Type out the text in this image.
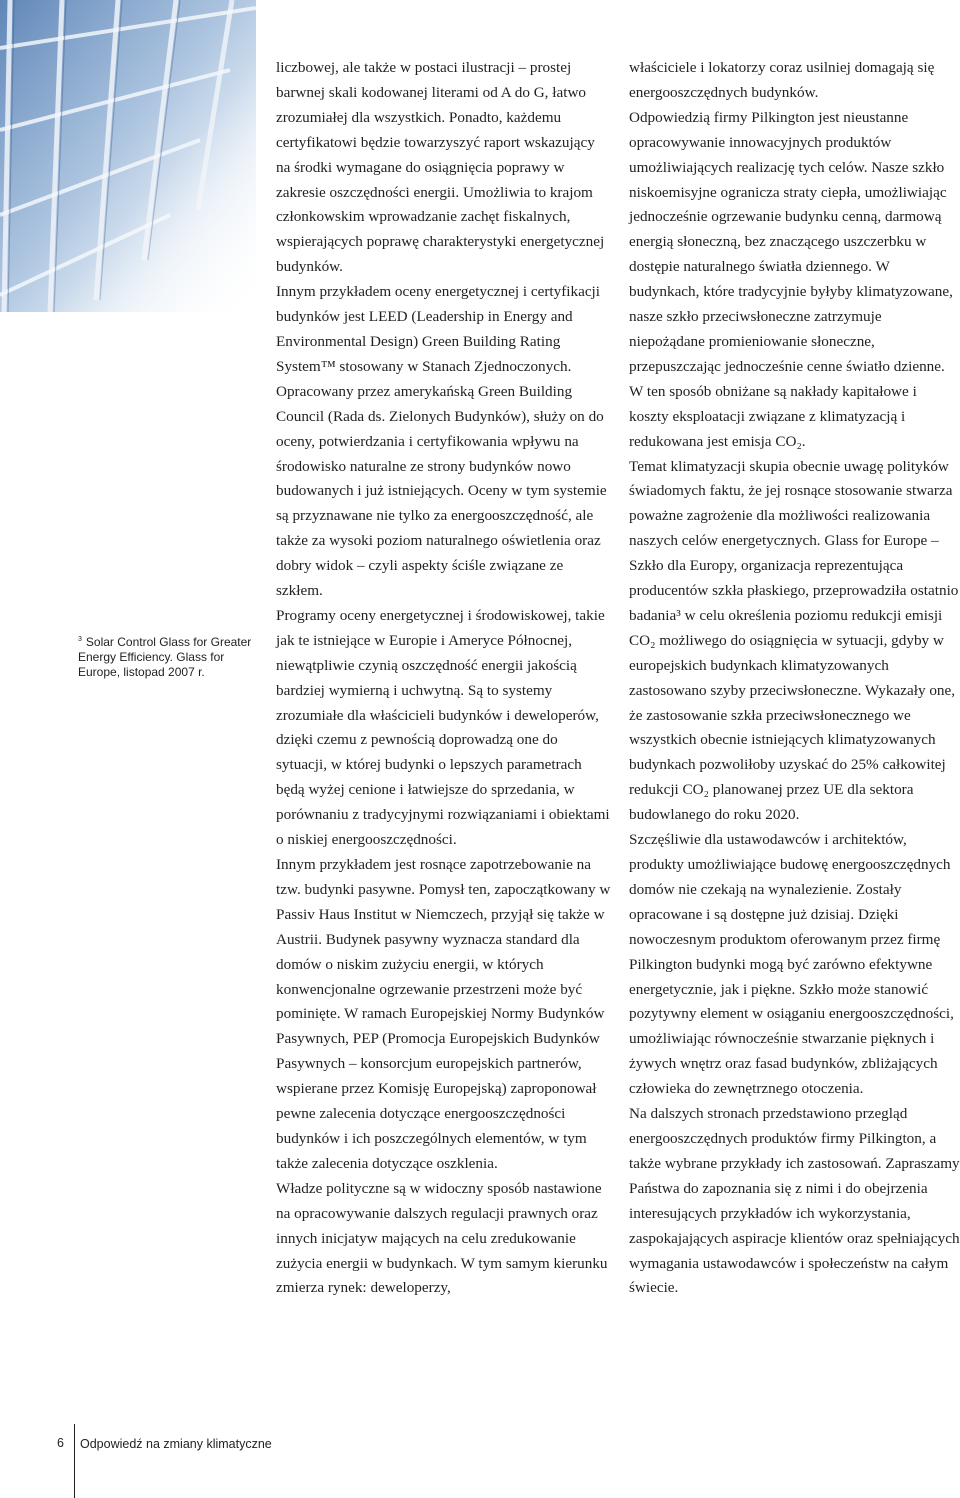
liczbowej, ale także w postaci ilustracji – prostej barwnej skali kodowanej literami od A do G, łatwo zrozumiałej dla wszystkich. Ponadto, każdemu certyfikatowi będzie towarzyszyć raport wskazujący na środki wymagane do osiągnięcia poprawy w zakresie oszczędności energii. Umożliwia to krajom członkowskim wprowadzanie zachęt fiskalnych, wspierających poprawę charakterystyki energetycznej budynków.

Innym przykładem oceny energetycznej i certyfikacji budynków jest LEED (Leadership in Energy and Environmental Design) Green Building Rating System™ stosowany w Stanach Zjednoczonych. Opracowany przez amerykańską Green Building Council (Rada ds. Zielonych Budynków), służy on do oceny, potwierdzania i certyfikowania wpływu na środowisko naturalne ze strony budynków nowo budowanych i już istniejących. Oceny w tym systemie są przyznawane nie tylko za energooszczędność, ale także za wysoki poziom naturalnego oświetlenia oraz dobry widok – czyli aspekty ściśle związane ze szkłem.

Programy oceny energetycznej i środowiskowej, takie jak te istniejące w Europie i Ameryce Północnej, niewątpliwie czynią oszczędność energii jakością bardziej wymierną i uchwytną. Są to systemy zrozumiałe dla właścicieli budynków i deweloperów, dzięki czemu z pewnością doprowadzą one do sytuacji, w której budynki o lepszych parametrach będą wyżej cenione i łatwiejsze do sprzedania, w porównaniu z tradycyjnymi rozwiązaniami i obiektami o niskiej energooszczędności.

Innym przykładem jest rosnące zapotrzebowanie na tzw. budynki pasywne. Pomysł ten, zapoczątkowany w Passiv Haus Institut w Niemczech, przyjął się także w Austrii. Budynek pasywny wyznacza standard dla domów o niskim zużyciu energii, w których konwencjonalne ogrzewanie przestrzeni może być pominięte. W ramach Europejskiej Normy Budynków Pasywnych, PEP (Promocja Europejskich Budynków Pasywnych – konsorcjum europejskich partnerów, wspierane przez Komisję Europejską) zaproponował pewne zalecenia dotyczące energooszczędności budynków i ich poszczególnych elementów, w tym także zalecenia dotyczące oszklenia.

Władze polityczne są w widoczny sposób nastawione na opracowywanie dalszych regulacji prawnych oraz innych inicjatyw mających na celu zredukowanie zużycia energii w budynkach. W tym samym kierunku zmierza rynek: deweloperzy,

właściciele i lokatorzy coraz usilniej domagają się energooszczędnych budynków.

Odpowiedzią firmy Pilkington jest nieustanne opracowywanie innowacyjnych produktów umożliwiających realizację tych celów. Nasze szkło niskoemisyjne ogranicza straty ciepła, umożliwiając jednocześnie ogrzewanie budynku cenną, darmową energią słoneczną, bez znaczącego uszczerbku w dostępie naturalnego światła dziennego. W budynkach, które tradycyjnie byłyby klimatyzowane, nasze szkło przeciwsłoneczne zatrzymuje niepożądane promieniowanie słoneczne, przepuszczając jednocześnie cenne światło dzienne. W ten sposób obniżane są nakłady kapitałowe i koszty eksploatacji związane z klimatyzacją i redukowana jest emisja CO₂.

Temat klimatyzacji skupia obecnie uwagę polityków świadomych faktu, że jej rosnące stosowanie stwarza poważne zagrożenie dla możliwości realizowania naszych celów energetycznych. Glass for Europe – Szkło dla Europy, organizacja reprezentująca producentów szkła płaskiego, przeprowadziła ostatnio badania³ w celu określenia poziomu redukcji emisji CO₂ możliwego do osiągnięcia w sytuacji, gdyby w europejskich budynkach klimatyzowanych zastosowano szyby przeciwsłoneczne. Wykazały one, że zastosowanie szkła przeciwsłonecznego we wszystkich obecnie istniejących klimatyzowanych budynkach pozwoliłoby uzyskać do 25% całkowitej redukcji CO₂ planowanej przez UE dla sektora budowlanego do roku 2020.

Szczęśliwie dla ustawodawców i architektów, produkty umożliwiające budowę energooszczędnych domów nie czekają na wynalezienie. Zostały opracowane i są dostępne już dzisiaj. Dzięki nowoczesnym produktom oferowanym przez firmę Pilkington budynki mogą być zarówno efektywne energetycznie, jak i piękne. Szkło może stanowić pozytywny element w osiąganiu energooszczędności, umożliwiając równocześnie stwarzanie pięknych i żywych wnętrz oraz fasad budynków, zbliżających człowieka do zewnętrznego otoczenia.

Na dalszych stronach przedstawiono przegląd energooszczędnych produktów firmy Pilkington, a także wybrane przykłady ich zastosowań. Zapraszamy Państwa do zapoznania się z nimi i do obejrzenia interesujących przykładów ich wykorzystania, zaspokajających aspiracje klientów oraz spełniających wymagania ustawodawców i społeczeństw na całym świecie.

$^3$ Solar Control Glass for Greater Energy Efficiency. Glass for Europe, listopad 2007 r.
6 Odpowiedź na zmiany klimatyczne
